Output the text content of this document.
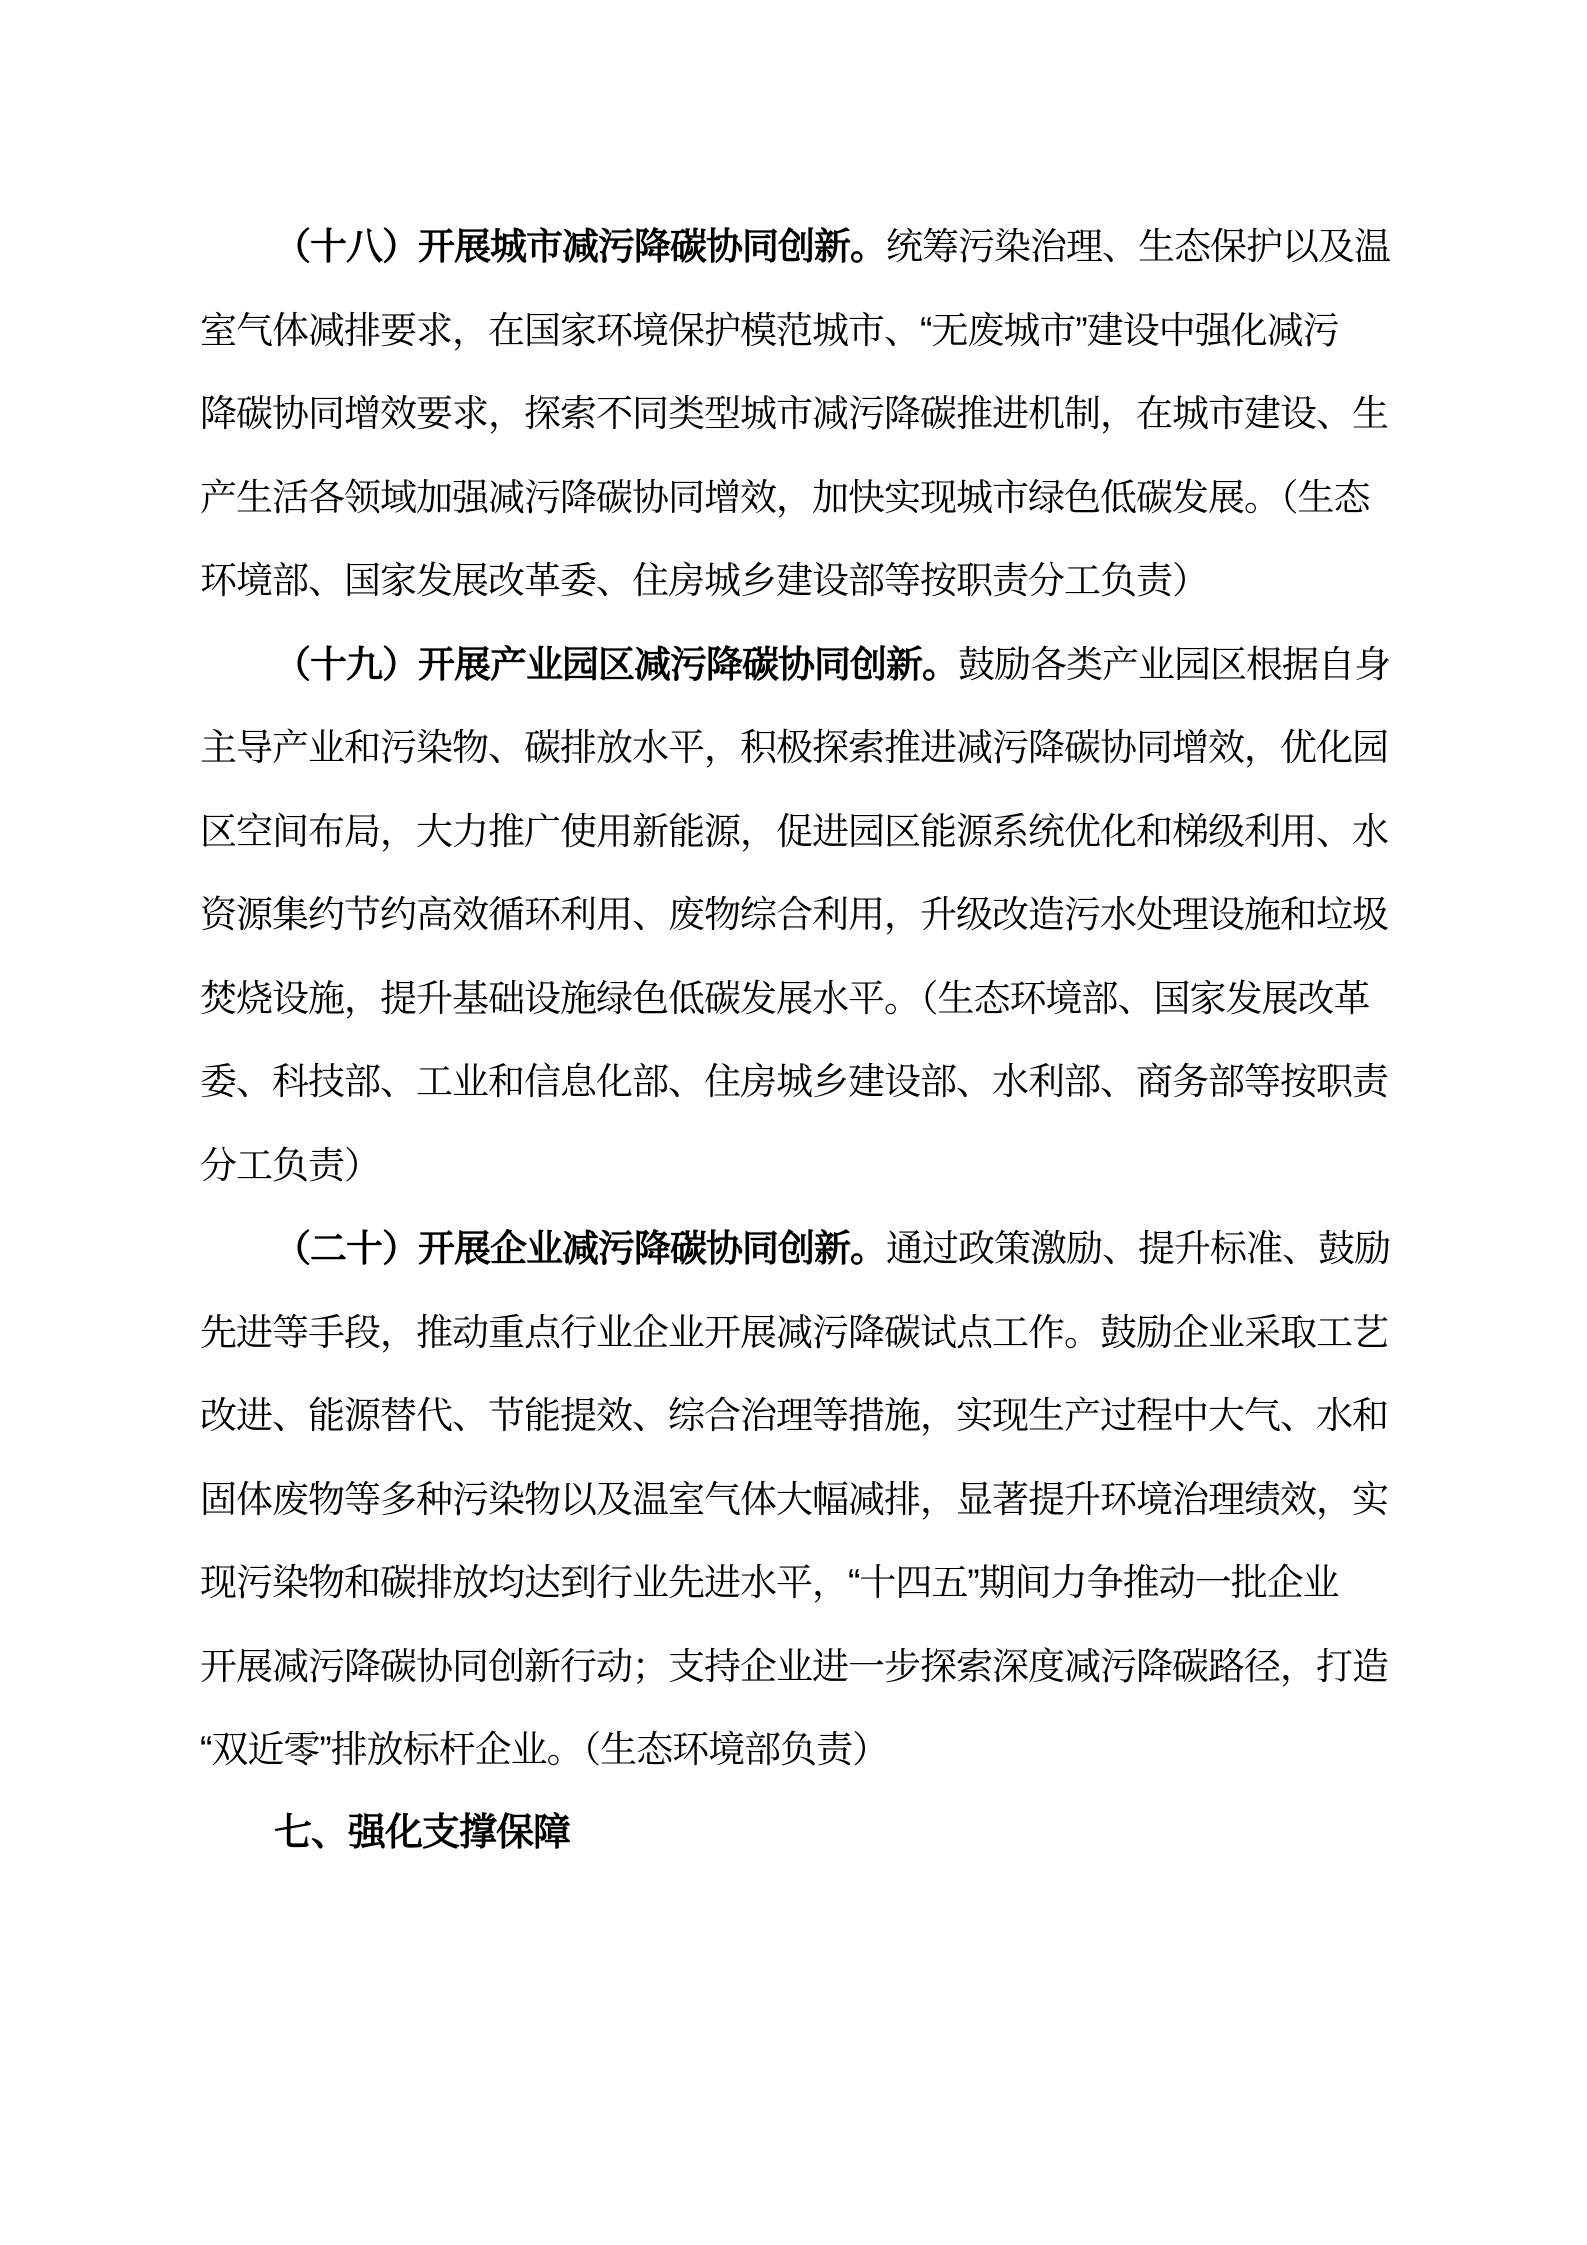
（十八）开展城市减污降碳协同创新。统筹污染治理、生态保护以及温
室气体减排要求，在国家环境保护模范城市、“无废城市”建设中强化减污
降碳协同增效要求，探索不同类型城市减污降碳推进机制，在城市建设、生
产生活各领域加强减污降碳协同增效，加快实现城市绿色低碳发展。（生态
环境部、国家发展改革委、住房城乡建设部等按职责分工负责）
（十九）开展产业园区减污降碳协同创新。鼓励各类产业园区根据自身
主导产业和污染物、碳排放水平，积极探索推进减污降碳协同增效，优化园
区空间布局，大力推广使用新能源，促进园区能源系统优化和梯级利用、水
资源集约节约高效循环利用、废物综合利用，升级改造污水处理设施和垃圾
焚烧设施，提升基础设施绿色低碳发展水平。（生态环境部、国家发展改革
委、科技部、工业和信息化部、住房城乡建设部、水利部、商务部等按职责
分工负责）
（二十）开展企业减污降碳协同创新。通过政策激励、提升标准、鼓励
先进等手段，推动重点行业企业开展减污降碳试点工作。鼓励企业采取工艺
改进、能源替代、节能提效、综合治理等措施，实现生产过程中大气、水和
固体废物等多种污染物以及温室气体大幅减排，显著提升环境治理绩效，实
现污染物和碳排放均达到行业先进水平，“十四五”期间力争推动一批企业
开展减污降碳协同创新行动；支持企业进一步探索深度减污降碳路径，打造
“双近零”排放标杆企业。（生态环境部负责）
七、强化支撑保障
